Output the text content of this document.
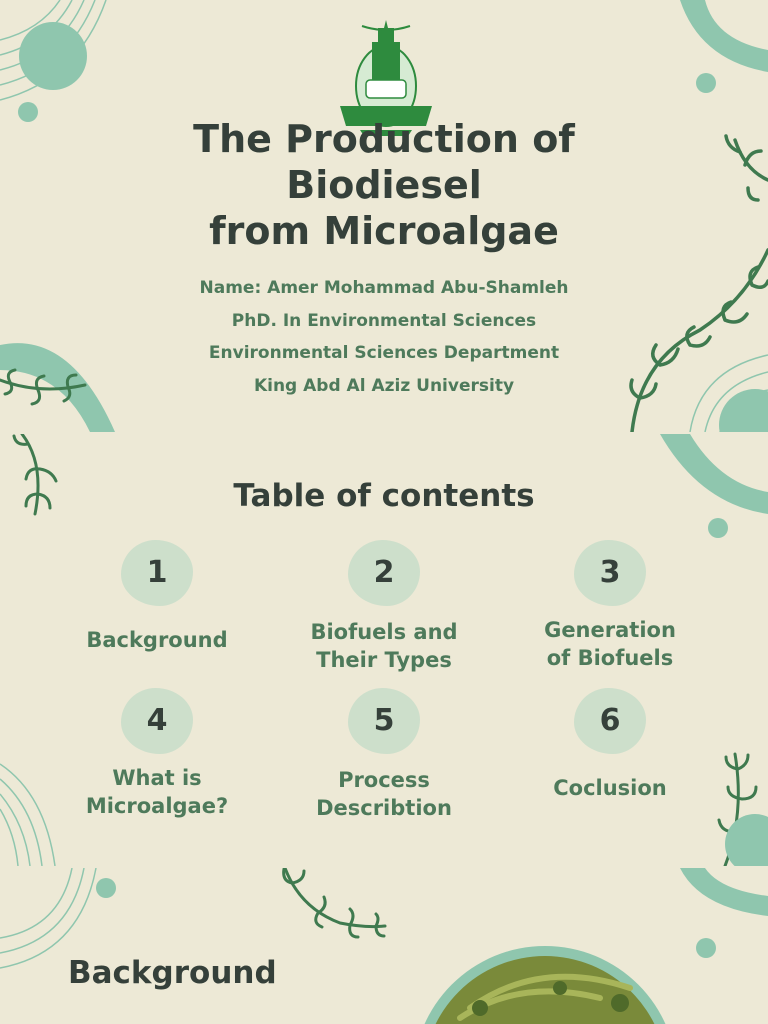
The Production of
Biodiesel
from Microalgae
Name: Amer Mohammad Abu-Shamleh
PhD. In Environmental Sciences
Environmental Sciences Department
King Abd Al Aziz University
Table of contents
1
Background
2
Biofuels and
Their Types
3
Generation
of Biofuels
4
What is
Microalgae?
5
Process
Describtion
6
Coclusion
Background
